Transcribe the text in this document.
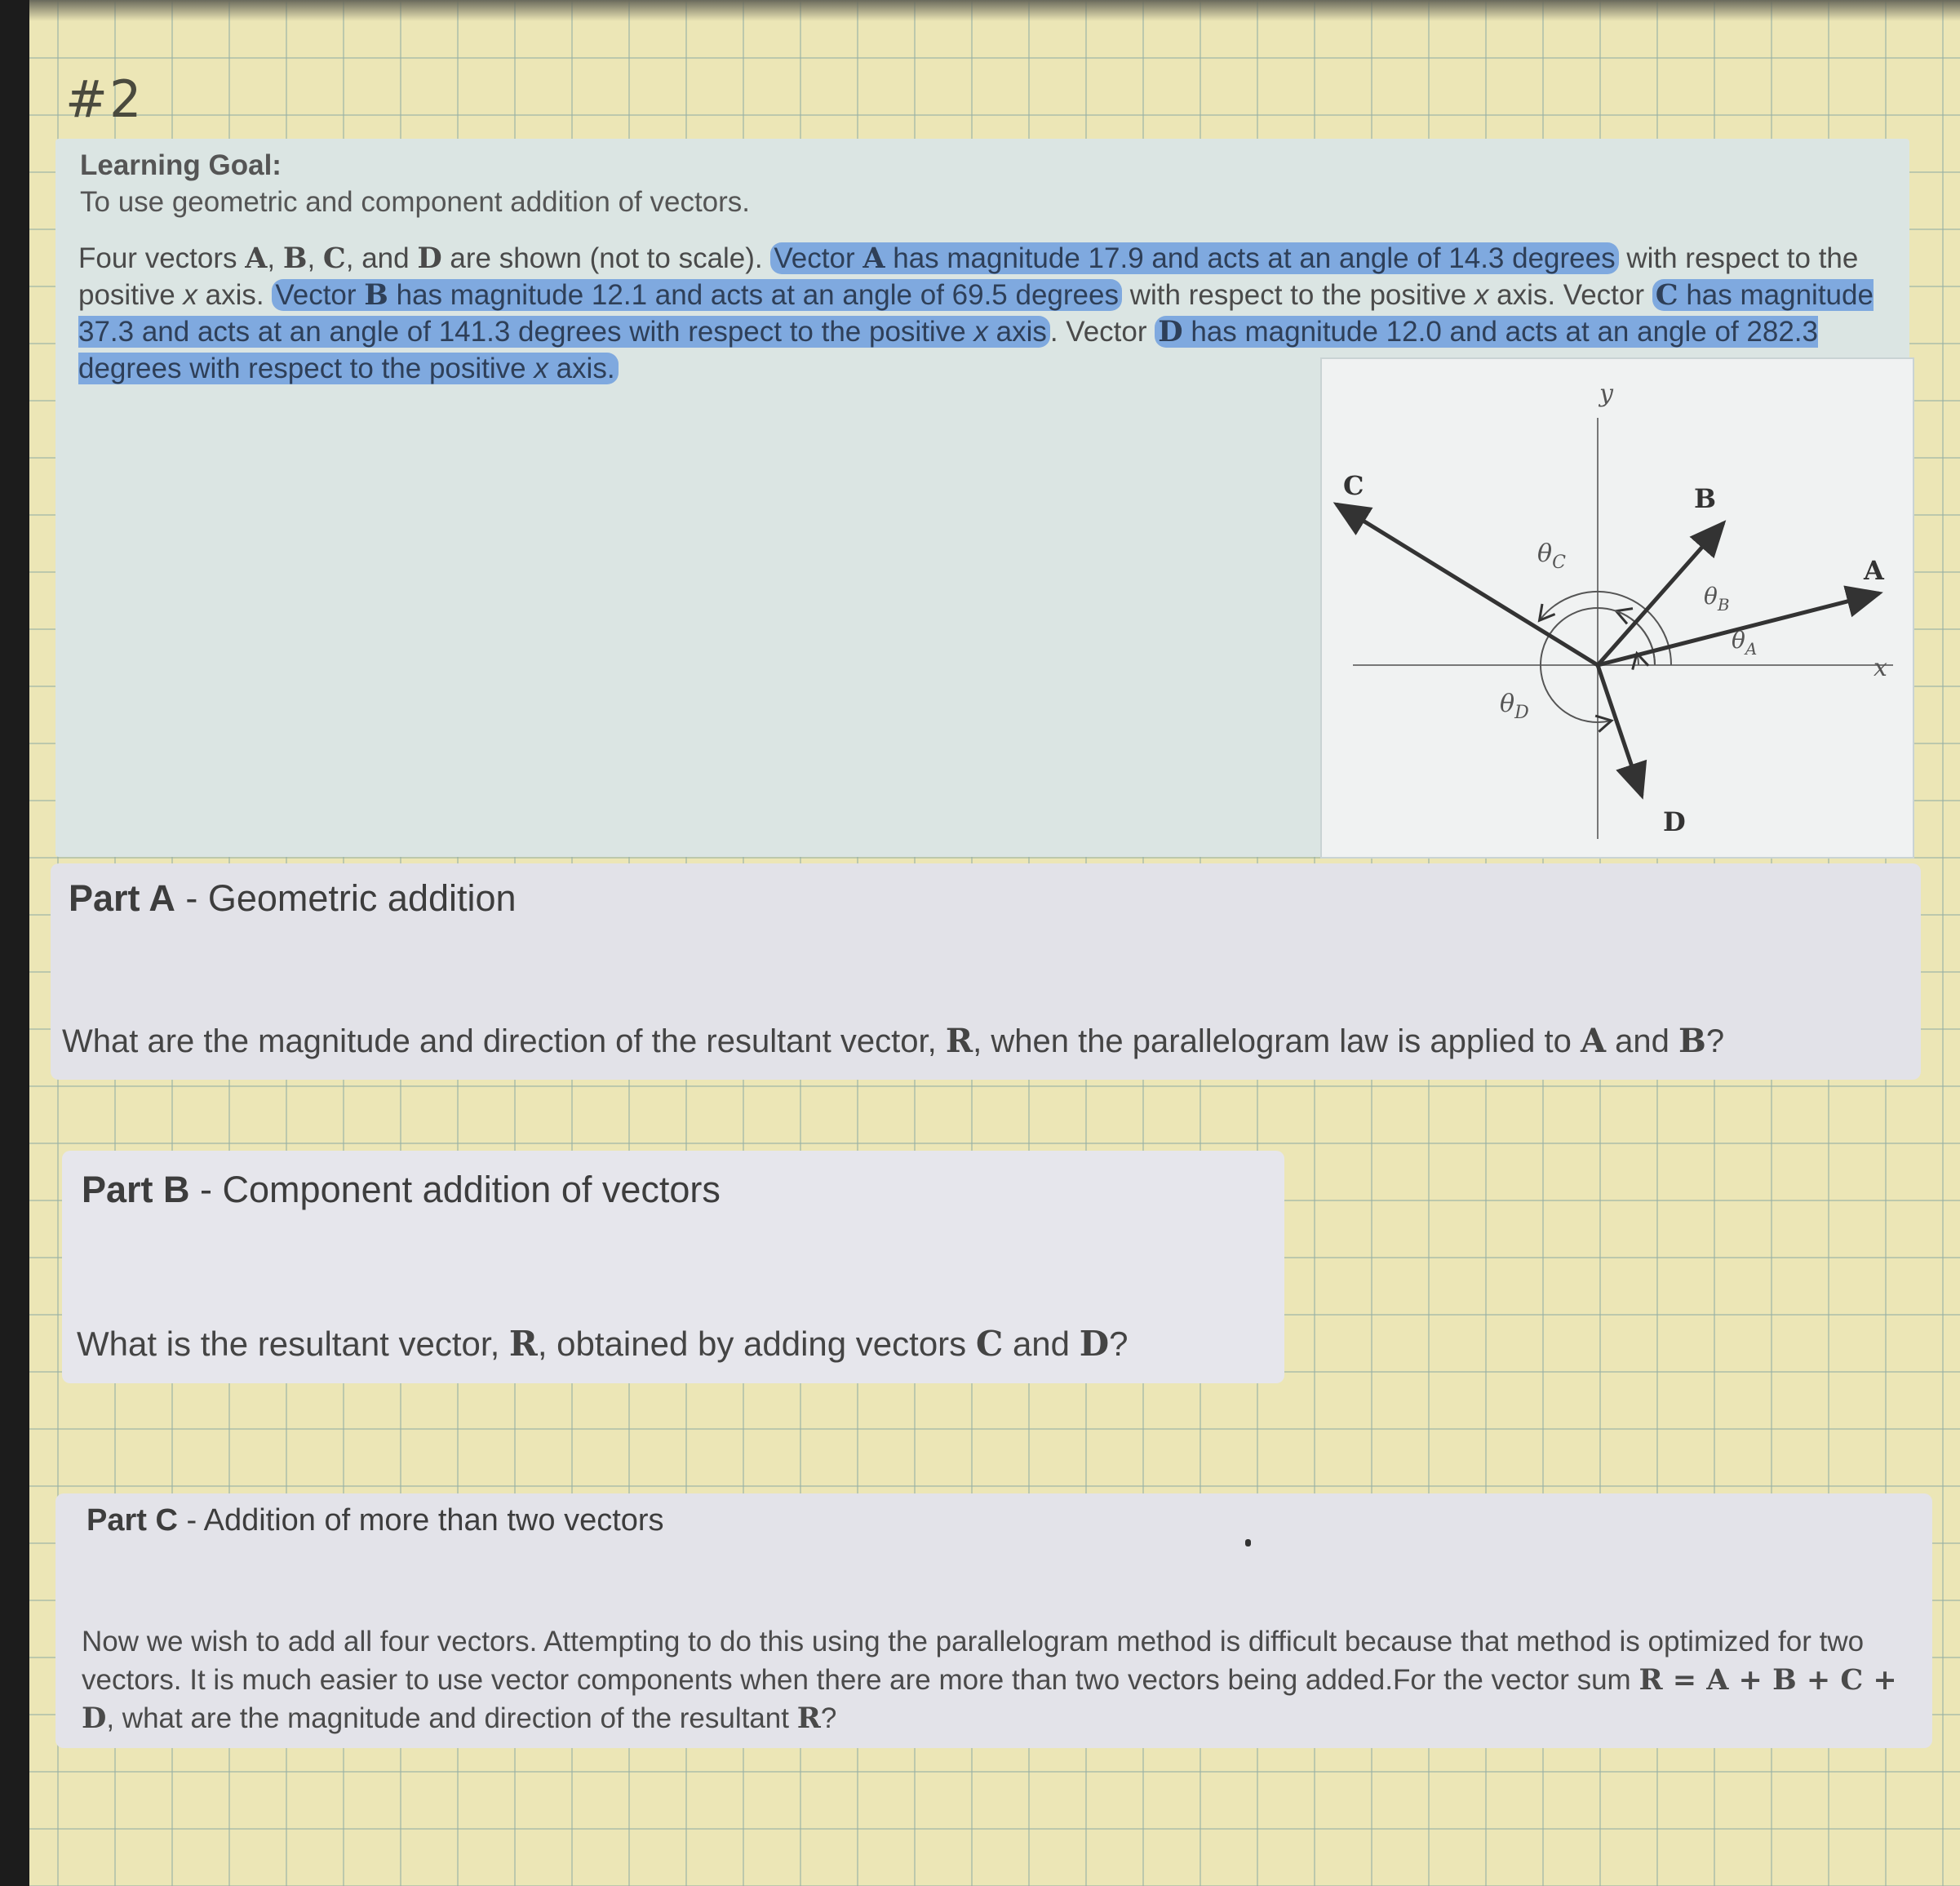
#2
Learning Goal:
To use geometric and component addition of vectors.
Four vectors A, B, C, and D are shown (not to scale). Vector A has magnitude 17.9 and acts at an angle of 14.3 degrees with respect to the positive x axis. Vector B has magnitude 12.1 and acts at an angle of 69.5 degrees with respect to the positive x axis. Vector C has magnitude 37.3 and acts at an angle of 141.3 degrees with respect to the positive x axis . Vector D has magnitude 12.0 and acts at an angle of 282.3 degrees with respect to the positive x axis.
y
x
A
B
C
D
$\theta_A$
$\theta_B$
$\theta_C$
$\theta_D$
Part A - Geometric addition
What are the magnitude and direction of the resultant vector, R, when the parallelogram law is applied to A and B?
Part B - Component addition of vectors
What is the resultant vector, R, obtained by adding vectors C and D?
Part C - Addition of more than two vectors
Now we wish to add all four vectors. Attempting to do this using the parallelogram method is difficult because that method is optimized for two vectors. It is much easier to use vector components when there are more than two vectors being added.For the vector sum R = A + B + C + D, what are the magnitude and direction of the resultant R?
